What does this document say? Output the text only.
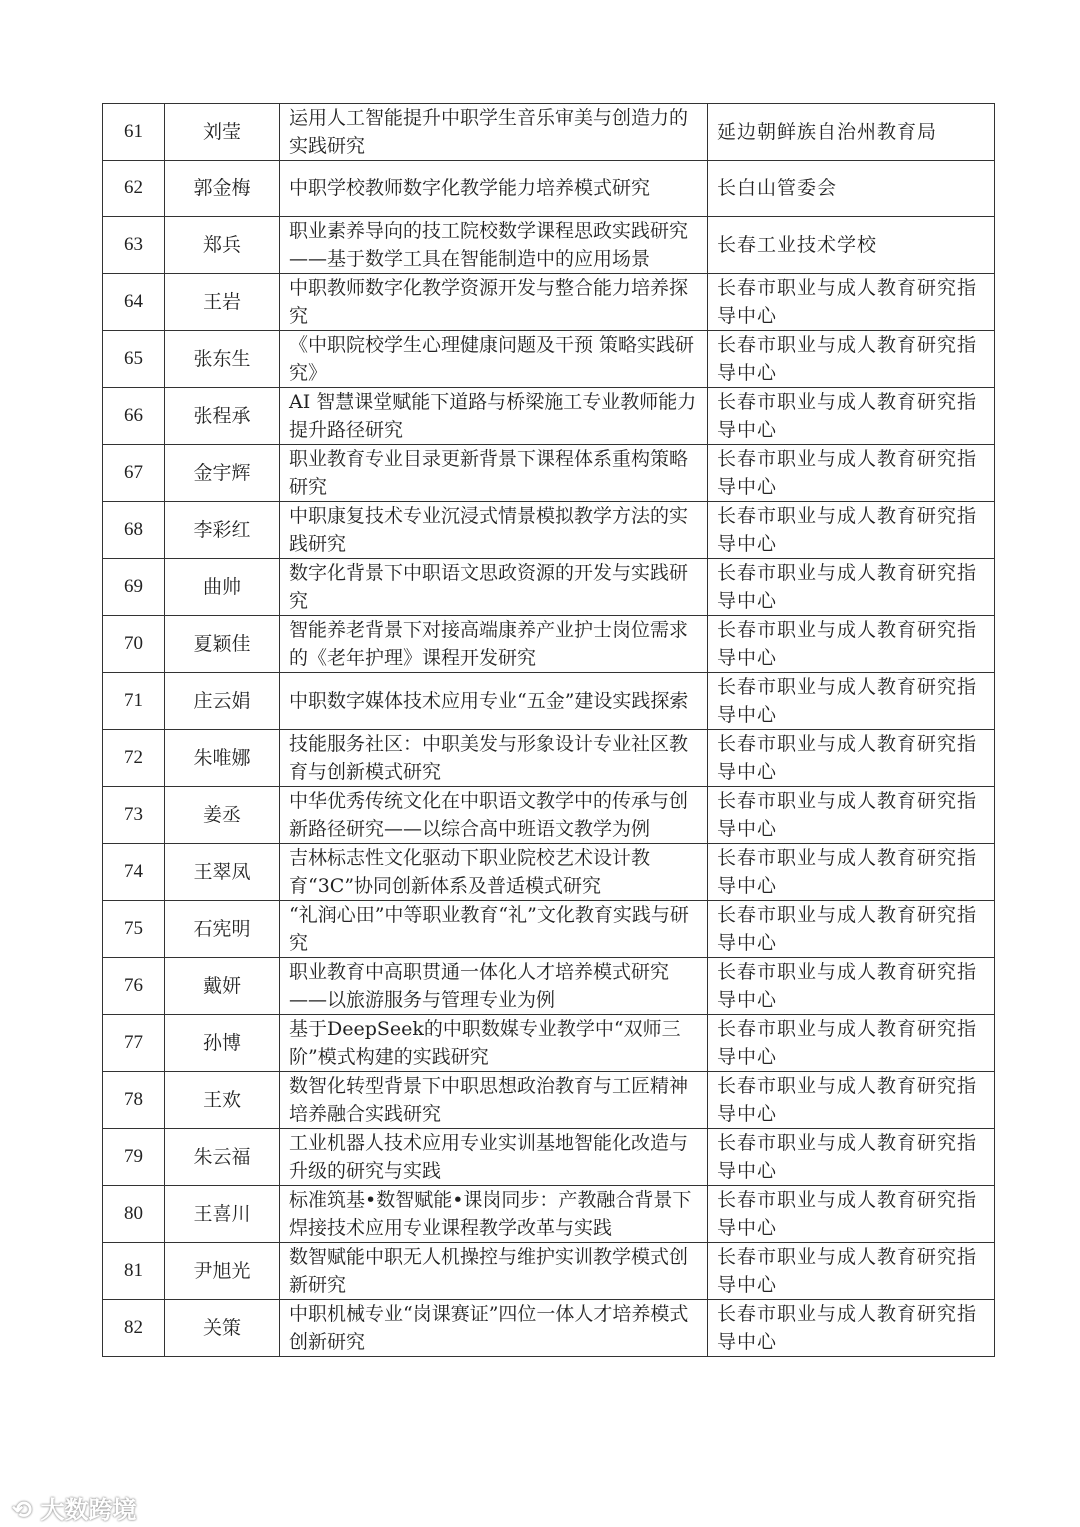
61	刘莹	运用人工智能提升中职学生音乐审美与创造力的实践研究	延边朝鲜族自治州教育局
62	郭金梅	中职学校教师数字化教学能力培养模式研究	长白山管委会
63	郑兵	职业素养导向的技工院校数学课程思政实践研究——基于数学工具在智能制造中的应用场景	长春工业技术学校
64	王岩	中职教师数字化教学资源开发与整合能力培养探究	长春市职业与成人教育研究指导中心
65	张东生	《中职院校学生心理健康问题及干预 策略实践研究》	长春市职业与成人教育研究指导中心
66	张程承	AI 智慧课堂赋能下道路与桥梁施工专业教师能力提升路径研究	长春市职业与成人教育研究指导中心
67	金宇辉	职业教育专业目录更新背景下课程体系重构策略研究	长春市职业与成人教育研究指导中心
68	李彩红	中职康复技术专业沉浸式情景模拟教学方法的实践研究	长春市职业与成人教育研究指导中心
69	曲帅	数字化背景下中职语文思政资源的开发与实践研究	长春市职业与成人教育研究指导中心
70	夏颖佳	智能养老背景下对接高端康养产业护士岗位需求的《老年护理》课程开发研究	长春市职业与成人教育研究指导中心
71	庄云娟	中职数字媒体技术应用专业“五金”建设实践探索	长春市职业与成人教育研究指导中心
72	朱唯娜	技能服务社区：中职美发与形象设计专业社区教育与创新模式研究	长春市职业与成人教育研究指导中心
73	姜丞	中华优秀传统文化在中职语文教学中的传承与创新路径研究——以综合高中班语文教学为例	长春市职业与成人教育研究指导中心
74	王翠凤	吉林标志性文化驱动下职业院校艺术设计教育“3C”协同创新体系及普适模式研究	长春市职业与成人教育研究指导中心
75	石宪明	“礼润心田”中等职业教育“礼”文化教育实践与研究	长春市职业与成人教育研究指导中心
76	戴妍	职业教育中高职贯通一体化人才培养模式研究——以旅游服务与管理专业为例	长春市职业与成人教育研究指导中心
77	孙博	基于DeepSeek的中职数媒专业教学中“双师三阶”模式构建的实践研究	长春市职业与成人教育研究指导中心
78	王欢	数智化转型背景下中职思想政治教育与工匠精神培养融合实践研究	长春市职业与成人教育研究指导中心
79	朱云福	工业机器人技术应用专业实训基地智能化改造与升级的研究与实践	长春市职业与成人教育研究指导中心
80	王喜川	标准筑基•数智赋能•课岗同步：产教融合背景下焊接技术应用专业课程教学改革与实践	长春市职业与成人教育研究指导中心
81	尹旭光	数智赋能中职无人机操控与维护实训教学模式创新研究	长春市职业与成人教育研究指导中心
82	关策	中职机械专业“岗课赛证”四位一体人才培养模式创新研究	长春市职业与成人教育研究指导中心
⟲ 大数跨境
